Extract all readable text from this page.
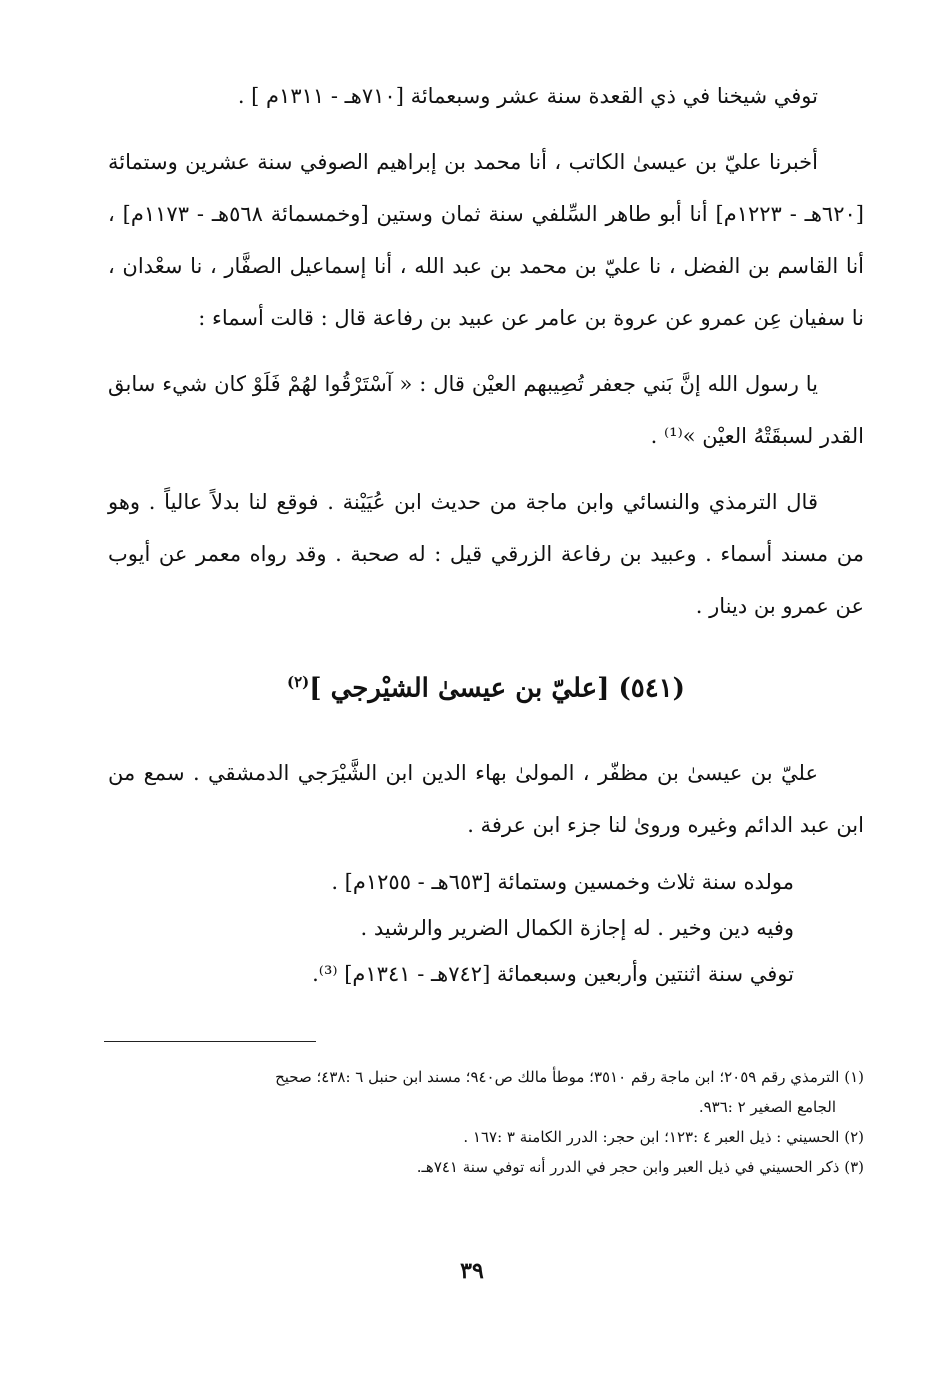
توفي شيخنا في ذي القعدة سنة عشر وسبعمائة [٧١٠هـ - ١٣١١م ] .

أخبرنا عليّ بن عيسىٰ الكاتب ، أنا محمد بن إبراهيم الصوفي سنة عشرين وستمائة [٦٢٠هـ - ١٢٢٣م] أنا أبو طاهر السِّلفي سنة ثمان وستين [وخمسمائة ٥٦٨هـ - ١١٧٣م] ، أنا القاسم بن الفضل ، نا عليّ بن محمد بن عبد الله ، أنا إسماعيل الصفَّار ، نا سعْدان ، نا سفيان عِن عمرو عن عروة بن عامر عن عبيد بن رفاعة قال : قالت أسماء :

يا رسول الله إنَّ بَني جعفر تُصِيبهم العيْن قال : « آسْتَرْقُوا لهُمْ فَلَوْ كان شيء سابق القدر لسبقَتْهُ العيْن »⁽¹⁾ .

قال الترمذي والنسائي وابن ماجة من حديث ابن عُيَيْنة . فوقع لنا بدلاً عالياً . وهو من مسند أسماء . وعبيد بن رفاعة الزرقي قيل : له صحبة . وقد رواه معمر عن أيوب عن عمرو بن دينار .

(٥٤١) [عليّ بن عيسىٰ الشيْرجي ]$^{(٢)}$

عليّ بن عيسىٰ بن مظفّر ، المولىٰ بهاء الدين ابن الشَّيْرَجي الدمشقي . سمع من ابن عبد الدائم وغيره وروىٰ لنا جزء ابن عرفة .

مولده سنة ثلاث وخمسين وستمائة [٦٥٣هـ - ١٢٥٥م] .

وفيه دين وخير . له إجازة الكمال الضرير والرشيد .

توفي سنة اثنتين وأربعين وسبعمائة [٧٤٢هـ - ١٣٤١م] ⁽³⁾.

(١) الترمذي رقم ٢٠٥٩؛ ابن ماجة رقم ٣٥١٠؛ موطأ مالك ص٩٤٠؛ مسند ابن حنبل ٦ :٤٣٨؛ صحيح

الجامع الصغير ٢ :٩٣٦.

(٢) الحسيني : ذيل العبر ٤ :١٢٣؛ ابن حجر: الدرر الكامنة ٣ :١٦٧ .

(٣) ذكر الحسيني في ذيل العبر وابن حجر في الدرر أنه توفي سنة ٧٤١هـ.

٣٩
